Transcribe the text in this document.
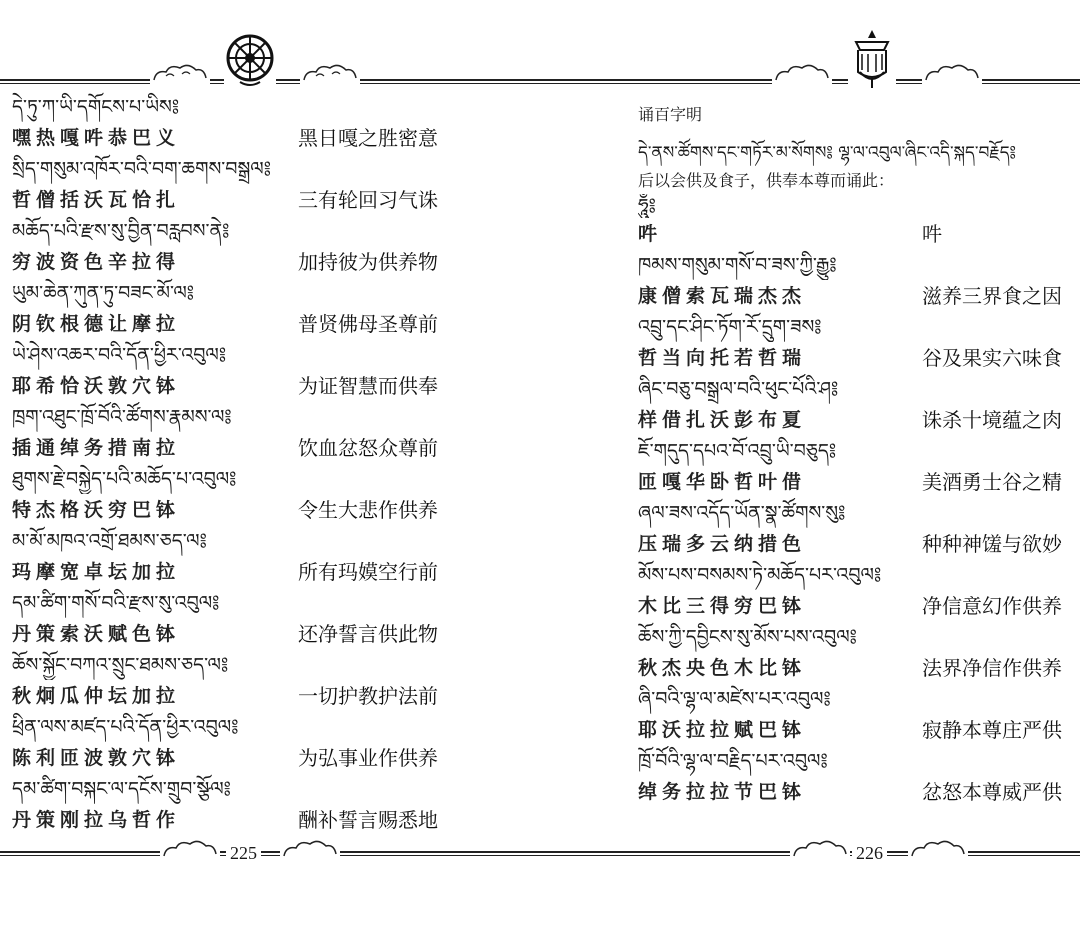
དེ་ཏུ་ཀ་ཡི་དགོངས་པ་ཡིས༔
嘿热嘎吽恭巴义	黑日嘎之胜密意
སྲིད་གསུམ་འཁོར་བའི་བག་ཆགས་བསྒྲལ༔
哲僧括沃瓦恰扎	三有轮回习气诛
མཆོད་པའི་རྫས་སུ་བྱིན་བརླབས་ནེ༔
穷波资色辛拉得	加持彼为供养物
ཡུམ་ཆེན་ཀུན་ཏུ་བཟང་མོ་ལ༔
阴钦根德让摩拉	普贤佛母圣尊前
ཡེ་ཤེས་འཆར་བའི་དོན་ཕྱིར་འབུལ༔
耶希恰沃敦穴钵	为证智慧而供奉
ཁྲག་འཐུང་ཁྲོ་བོའི་ཚོགས་རྣམས་ལ༔
插通绰务措南拉	饮血忿怒众尊前
ཐུགས་རྗེ་བསྐྱེད་པའི་མཆོད་པ་འབུལ༔
特杰格沃穷巴钵	令生大悲作供养
མ་མོ་མཁའ་འགྲོ་ཐམས་ཅད་ལ༔
玛摩宽卓坛加拉	所有玛嫫空行前
དམ་ཚིག་གསོ་བའི་རྫས་སུ་འབུལ༔
丹策索沃赋色钵	还净誓言供此物
ཆོས་སྐྱོང་བཀའ་སྲུང་ཐམས་ཅད་ལ༔
秋炯瓜仲坛加拉	一切护教护法前
ཕྲིན་ལས་མཛད་པའི་དོན་ཕྱིར་འབུལ༔
陈利匝波敦穴钵	为弘事业作供养
དམ་ཚིག་བསྐང་ལ་དངོས་གྲུབ་སྩོལ༔
丹策刚拉乌哲作	酬补誓言赐悉地
225
诵百字明
དེ་ནས་ཚོགས་དང་གཏོར་མ་སོགས༔ ལྷ་ལ་འབུལ་ཞིང་འདི་སྐད་བརྗོད༔
后以会供及食子，供奉本尊而诵此：
ཧཱུྃ༔
吽	吽
ཁམས་གསུམ་གསོ་བ་ཟས་ཀྱི་རྒྱུ༔
康僧索瓦瑞杰杰	滋养三界食之因
འབྲུ་དང་ཤིང་ཏོག་རོ་དྲུག་ཟས༔
哲当向托若哲瑞	谷及果实六味食
ཞིང་བཅུ་བསྒྲལ་བའི་ཕུང་པོའི་ཤ༔
样借扎沃彭布夏	诛杀十境蕴之肉
ཇོ་གདུད་དཔའ་བོ་འབྲུ་ཡི་བཅུད༔
匝嘎华卧哲叶借	美酒勇士谷之精
ཞལ་ཟས་འདོད་ཡོན་སྣ་ཚོགས་སུ༔
压瑞多云纳措色	种种神馐与欲妙
མོས་པས་བསམས་ཏེ་མཆོད་པར་འབུལ༔
木比三得穷巴钵	净信意幻作供养
ཆོས་ཀྱི་དབྱིངས་སུ་མོས་པས་འབུལ༔
秋杰央色木比钵	法界净信作供养
ཞི་བའི་ལྷ་ལ་མཛེས་པར་འབུལ༔
耶沃拉拉赋巴钵	寂静本尊庄严供
ཁྲོ་བོའི་ལྷ་ལ་བརྗིད་པར་འབུལ༔
绰务拉拉节巴钵	忿怒本尊威严供
226
